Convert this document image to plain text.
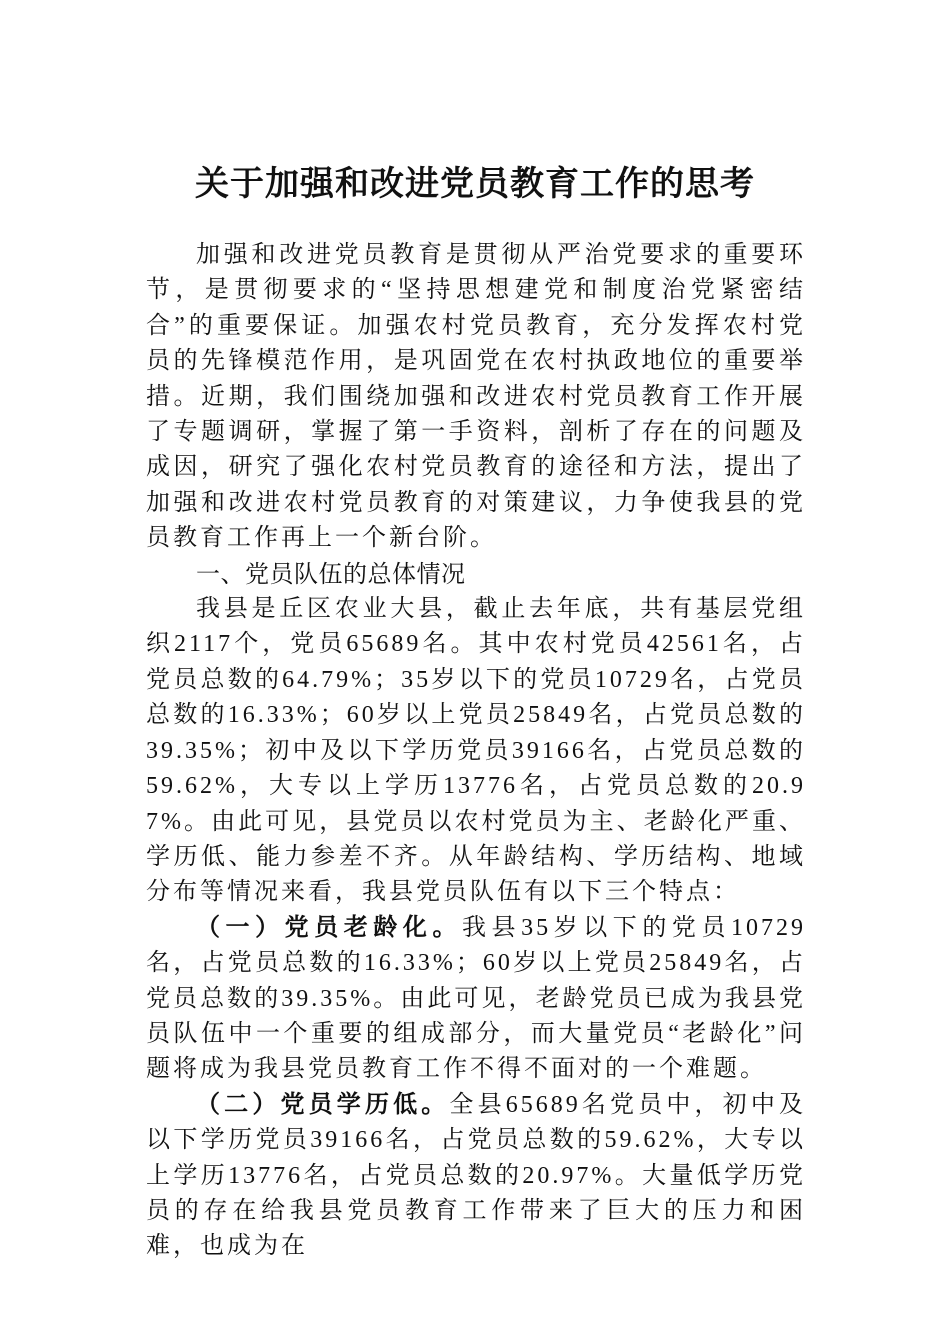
关于加强和改进党员教育工作的思考

加强和改进党员教育是贯彻从严治党要求的重要环节，是贯彻要求的“坚持思想建党和制度治党紧密结合”的重要保证。加强农村党员教育，充分发挥农村党员的先锋模范作用，是巩固党在农村执政地位的重要举措。近期，我们围绕加强和改进农村党员教育工作开展了专题调研，掌握了第一手资料，剖析了存在的问题及成因，研究了强化农村党员教育的途径和方法，提出了加强和改进农村党员教育的对策建议，力争使我县的党员教育工作再上一个新台阶。

一、党员队伍的总体情况

我县是丘区农业大县，截止去年底，共有基层党组织2117个，党员65689名。其中农村党员42561名，占党员总数的64.79%；35岁以下的党员10729名，占党员总数的16.33%；60岁以上党员25849名，占党员总数的39.35%；初中及以下学历党员39166名，占党员总数的59.62%，大专以上学历13776名，占党员总数的20.97%。由此可见，县党员以农村党员为主、老龄化严重、学历低、能力参差不齐。从年龄结构、学历结构、地域分布等情况来看，我县党员队伍有以下三个特点：

（一）党员老龄化。我县35岁以下的党员10729名，占党员总数的16.33%；60岁以上党员25849名，占党员总数的39.35%。由此可见，老龄党员已成为我县党员队伍中一个重要的组成部分，而大量党员“老龄化”问题将成为我县党员教育工作不得不面对的一个难题。

（二）党员学历低。全县65689名党员中，初中及以下学历党员39166名，占党员总数的59.62%，大专以上学历13776名，占党员总数的20.97%。大量低学历党员的存在给我县党员教育工作带来了巨大的压力和困难，也成为在
